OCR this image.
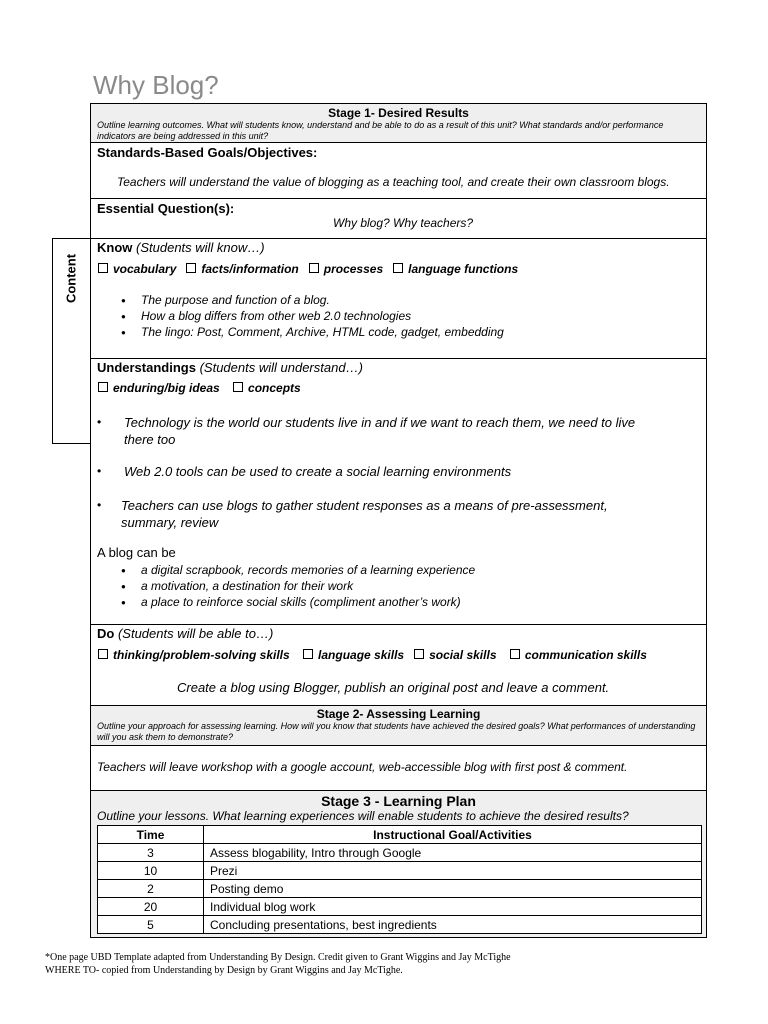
Why Blog?
Content
Stage 1- Desired Results
Outline learning outcomes. What will students know, understand and be able to do as a result of this unit? What standards and/or performance indicators are being addressed in this unit?
Standards-Based Goals/Objectives:
Teachers will understand the value of blogging as a teaching tool, and create their own classroom blogs.
Essential Question(s):
Why blog? Why teachers?
Know (Students will know…)
vocabulary facts/information processes language functions
● The purpose and function of a blog.
● How a blog differs from other web 2.0 technologies
● The lingo: Post, Comment, Archive, HTML code, gadget, embedding
Understandings (Students will understand…)
enduring/big ideas concepts
• Technology is the world our students live in and if we want to reach them, we need to live there too
• Web 2.0 tools can be used to create a social learning environments
• Teachers can use blogs to gather student responses as a means of pre-assessment, summary, review
A blog can be
● a digital scrapbook, records memories of a learning experience
● a motivation, a destination for their work
● a place to reinforce social skills (compliment another’s work)
Do (Students will be able to…)
thinking/problem-solving skills language skills social skills communication skills
Create a blog using Blogger, publish an original post and leave a comment.
Stage 2- Assessing Learning
Outline your approach for assessing learning. How will you know that students have achieved the desired goals? What performances of understanding will you ask them to demonstrate?
Teachers will leave workshop with a google account, web-accessible blog with first post & comment.
Stage 3 - Learning Plan
Outline your lessons. What learning experiences will enable students to achieve the desired results?
Time	Instructional Goal/Activities
3	Assess blogability, Intro through Google
10	Prezi
2	Posting demo
20	Individual blog work
5	Concluding presentations, best ingredients
*One page UBD Template adapted from Understanding By Design. Credit given to Grant Wiggins and Jay McTighe
WHERE TO- copied from Understanding by Design by Grant Wiggins and Jay McTighe.
